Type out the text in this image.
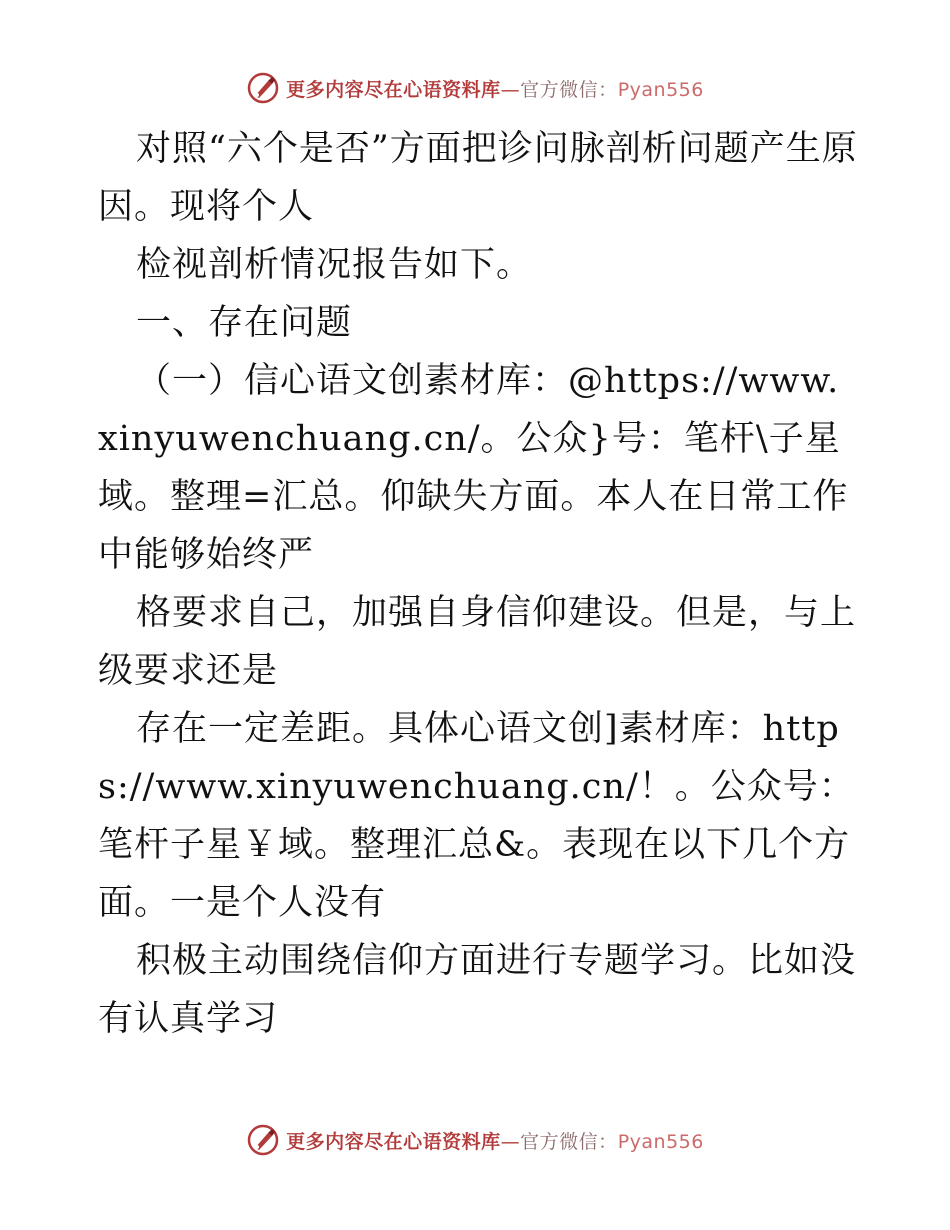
更多内容尽在心语资料库—官方微信：Pyan556

对照“六个是否”方面把诊问脉剖析问题产生原因。现将个人

检视剖析情况报告如下。

一、存在问题

（一）信心语文创素材库：@https://www.xinyuwenchuang.cn/。公众}号：笔杆\子星域。整理=汇总。仰缺失方面。本人在日常工作中能够始终严

格要求自己，加强自身信仰建设。但是，与上级要求还是

存在一定差距。具体心语文创]素材库：https://www.xinyuwenchuang.cn/！。公众号：笔杆子星￥域。整理汇总&。表现在以下几个方面。一是个人没有

积极主动围绕信仰方面进行专题学习。比如没有认真学习

更多内容尽在心语资料库—官方微信：Pyan556
